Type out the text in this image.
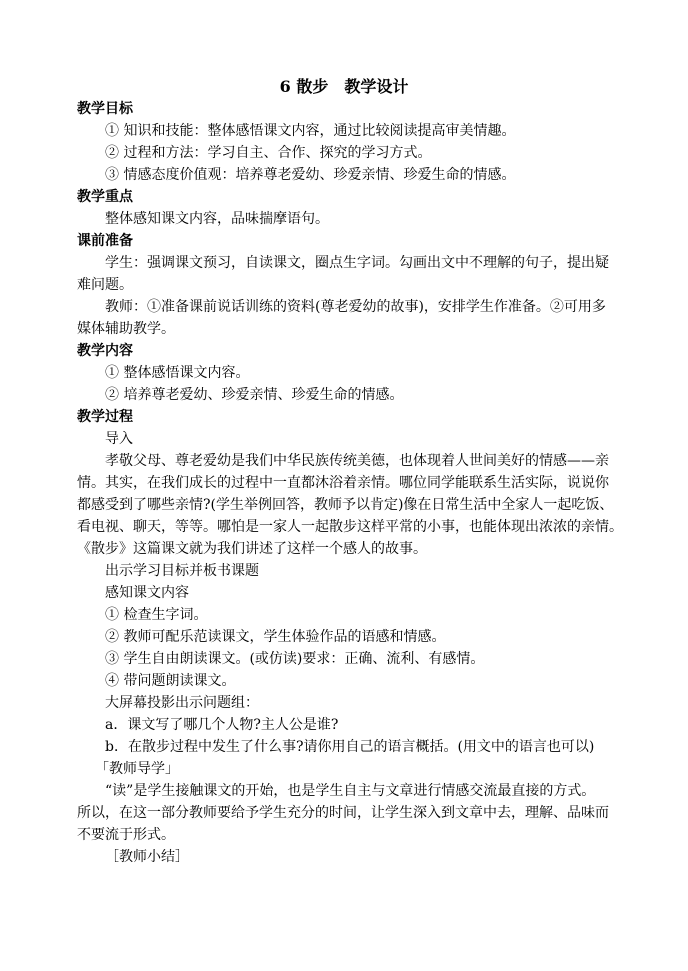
6 散步　教学设计
教学目标
① 知识和技能：整体感悟课文内容，通过比较阅读提高审美情趣。
② 过程和方法：学习自主、合作、探究的学习方式。
③ 情感态度价值观：培养尊老爱幼、珍爱亲情、珍爱生命的情感。
教学重点
整体感知课文内容，品味揣摩语句。
课前准备
学生：强调课文预习，自读课文，圈点生字词。勾画出文中不理解的句子，提出疑
难问题。
教师：①准备课前说话训练的资料(尊老爱幼的故事)，安排学生作准备。②可用多
媒体辅助教学。
教学内容
① 整体感悟课文内容。
② 培养尊老爱幼、珍爱亲情、珍爱生命的情感。
教学过程
导入
孝敬父母、尊老爱幼是我们中华民族传统美德，也体现着人世间美好的情感——亲
情。其实，在我们成长的过程中一直都沐浴着亲情。哪位同学能联系生活实际，说说你
都感受到了哪些亲情?(学生举例回答，教师予以肯定)像在日常生活中全家人一起吃饭、
看电视、聊天，等等。哪怕是一家人一起散步这样平常的小事，也能体现出浓浓的亲情。
《散步》这篇课文就为我们讲述了这样一个感人的故事。
出示学习目标并板书课题
感知课文内容
① 检查生字词。
② 教师可配乐范读课文，学生体验作品的语感和情感。
③ 学生自由朗读课文。(或仿读)要求：正确、流利、有感情。
④ 带问题朗读课文。
大屏幕投影出示问题组：
a．课文写了哪几个人物?主人公是谁?
b．在散步过程中发生了什么事?请你用自己的语言概括。(用文中的语言也可以)
「教师导学」
“读”是学生接触课文的开始，也是学生自主与文章进行情感交流最直接的方式。
所以，在这一部分教师要给予学生充分的时间，让学生深入到文章中去，理解、品味而
不要流于形式。
［教师小结］
